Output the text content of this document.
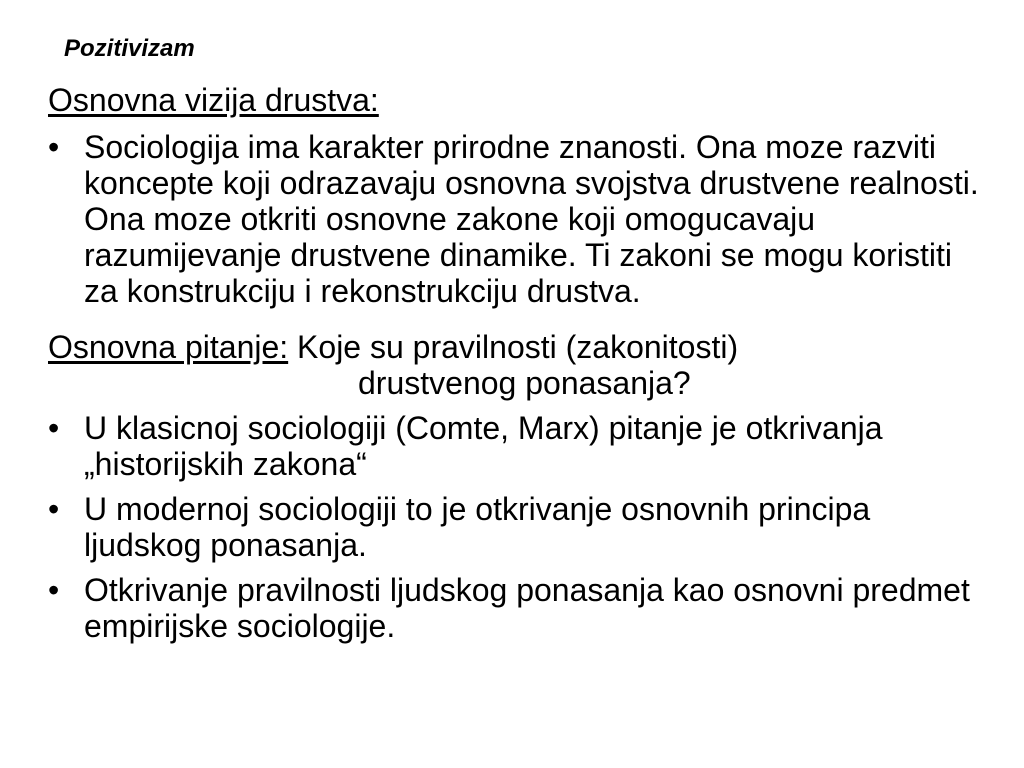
Pozitivizam

Osnovna vizija drustva:

• Sociologija ima karakter prirodne znanosti. Ona moze razviti koncepte koji odrazavaju osnovna svojstva drustvene realnosti. Ona moze otkriti osnovne zakone koji omogucavaju razumijevanje drustvene dinamike. Ti zakoni se mogu koristiti za konstrukciju i rekonstrukciju drustva.
Osnovna pitanje: Koje su pravilnosti (zakonitosti)
drustvenog ponasanja?
• U klasicnoj sociologiji (Comte, Marx) pitanje je otkrivanja „historijskih zakona“
• U modernoj sociologiji to je otkrivanje osnovnih principa ljudskog ponasanja.
• Otkrivanje pravilnosti ljudskog ponasanja kao osnovni predmet empirijske sociologije.
